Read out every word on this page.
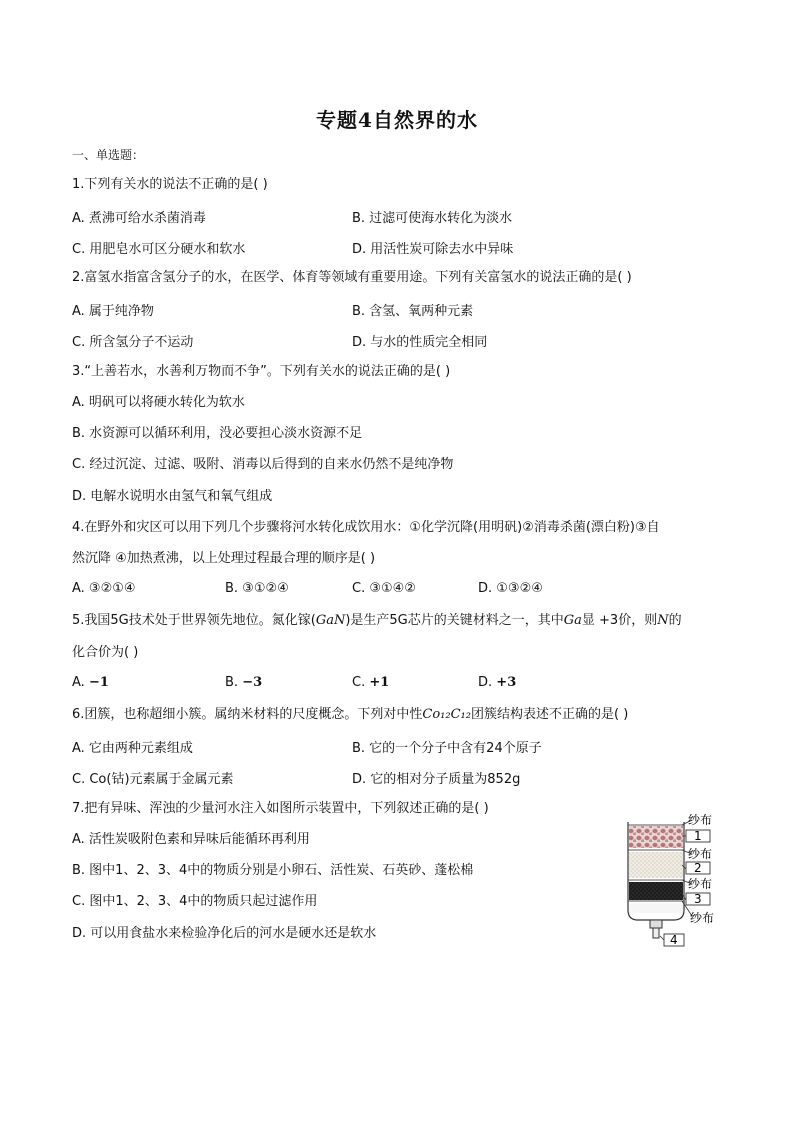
专题4自然界的水
一、单选题：
1.下列有关水的说法不正确的是( )
A. 煮沸可给水杀菌消毒	B. 过滤可使海水转化为淡水
C. 用肥皂水可区分硬水和软水	D. 用活性炭可除去水中异味
2.富氢水指富含氢分子的水，在医学、体育等领域有重要用途。下列有关富氢水的说法正确的是( )
A. 属于纯净物	B. 含氢、氧两种元素
C. 所含氢分子不运动	D. 与水的性质完全相同
3.“上善若水，水善利万物而不争”。下列有关水的说法正确的是( )
A. 明矾可以将硬水转化为软水
B. 水资源可以循环利用，没必要担心淡水资源不足
C. 经过沉淀、过滤、吸附、消毒以后得到的自来水仍然不是纯净物
D. 电解水说明水由氢气和氧气组成
4.在野外和灾区可以用下列几个步骤将河水转化成饮用水：①化学沉降(用明矾)②消毒杀菌(漂白粉)③自
然沉降 ④加热煮沸，以上处理过程最合理的顺序是( )
A. ③②①④	B. ③①②④	C. ③①④②	D. ①③②④
5.我国5G技术处于世界领先地位。氮化镓(GaN)是生产5G芯片的关键材料之一，其中Ga显 +3价，则N的
化合价为( )
A. −1	B. −3	C. +1	D. +3
6.团簇，也称超细小簇。属纳米材料的尺度概念。下列对中性Co₁₂C₁₂团簇结构表述不正确的是( )
A. 它由两种元素组成	B. 它的一个分子中含有24个原子
C. Co(钴)元素属于金属元素	D. 它的相对分子质量为852g
7.把有异味、浑浊的少量河水注入如图所示装置中，下列叙述正确的是( )
A. 活性炭吸附色素和异味后能循环再利用
B. 图中1、2、3、4中的物质分别是小卵石、活性炭、石英砂、蓬松棉
C. 图中1、2、3、4中的物质只起过滤作用
D. 可以用食盐水来检验净化后的河水是硬水还是软水
纱布
1
纱布
2
纱布
3
纱布
4
